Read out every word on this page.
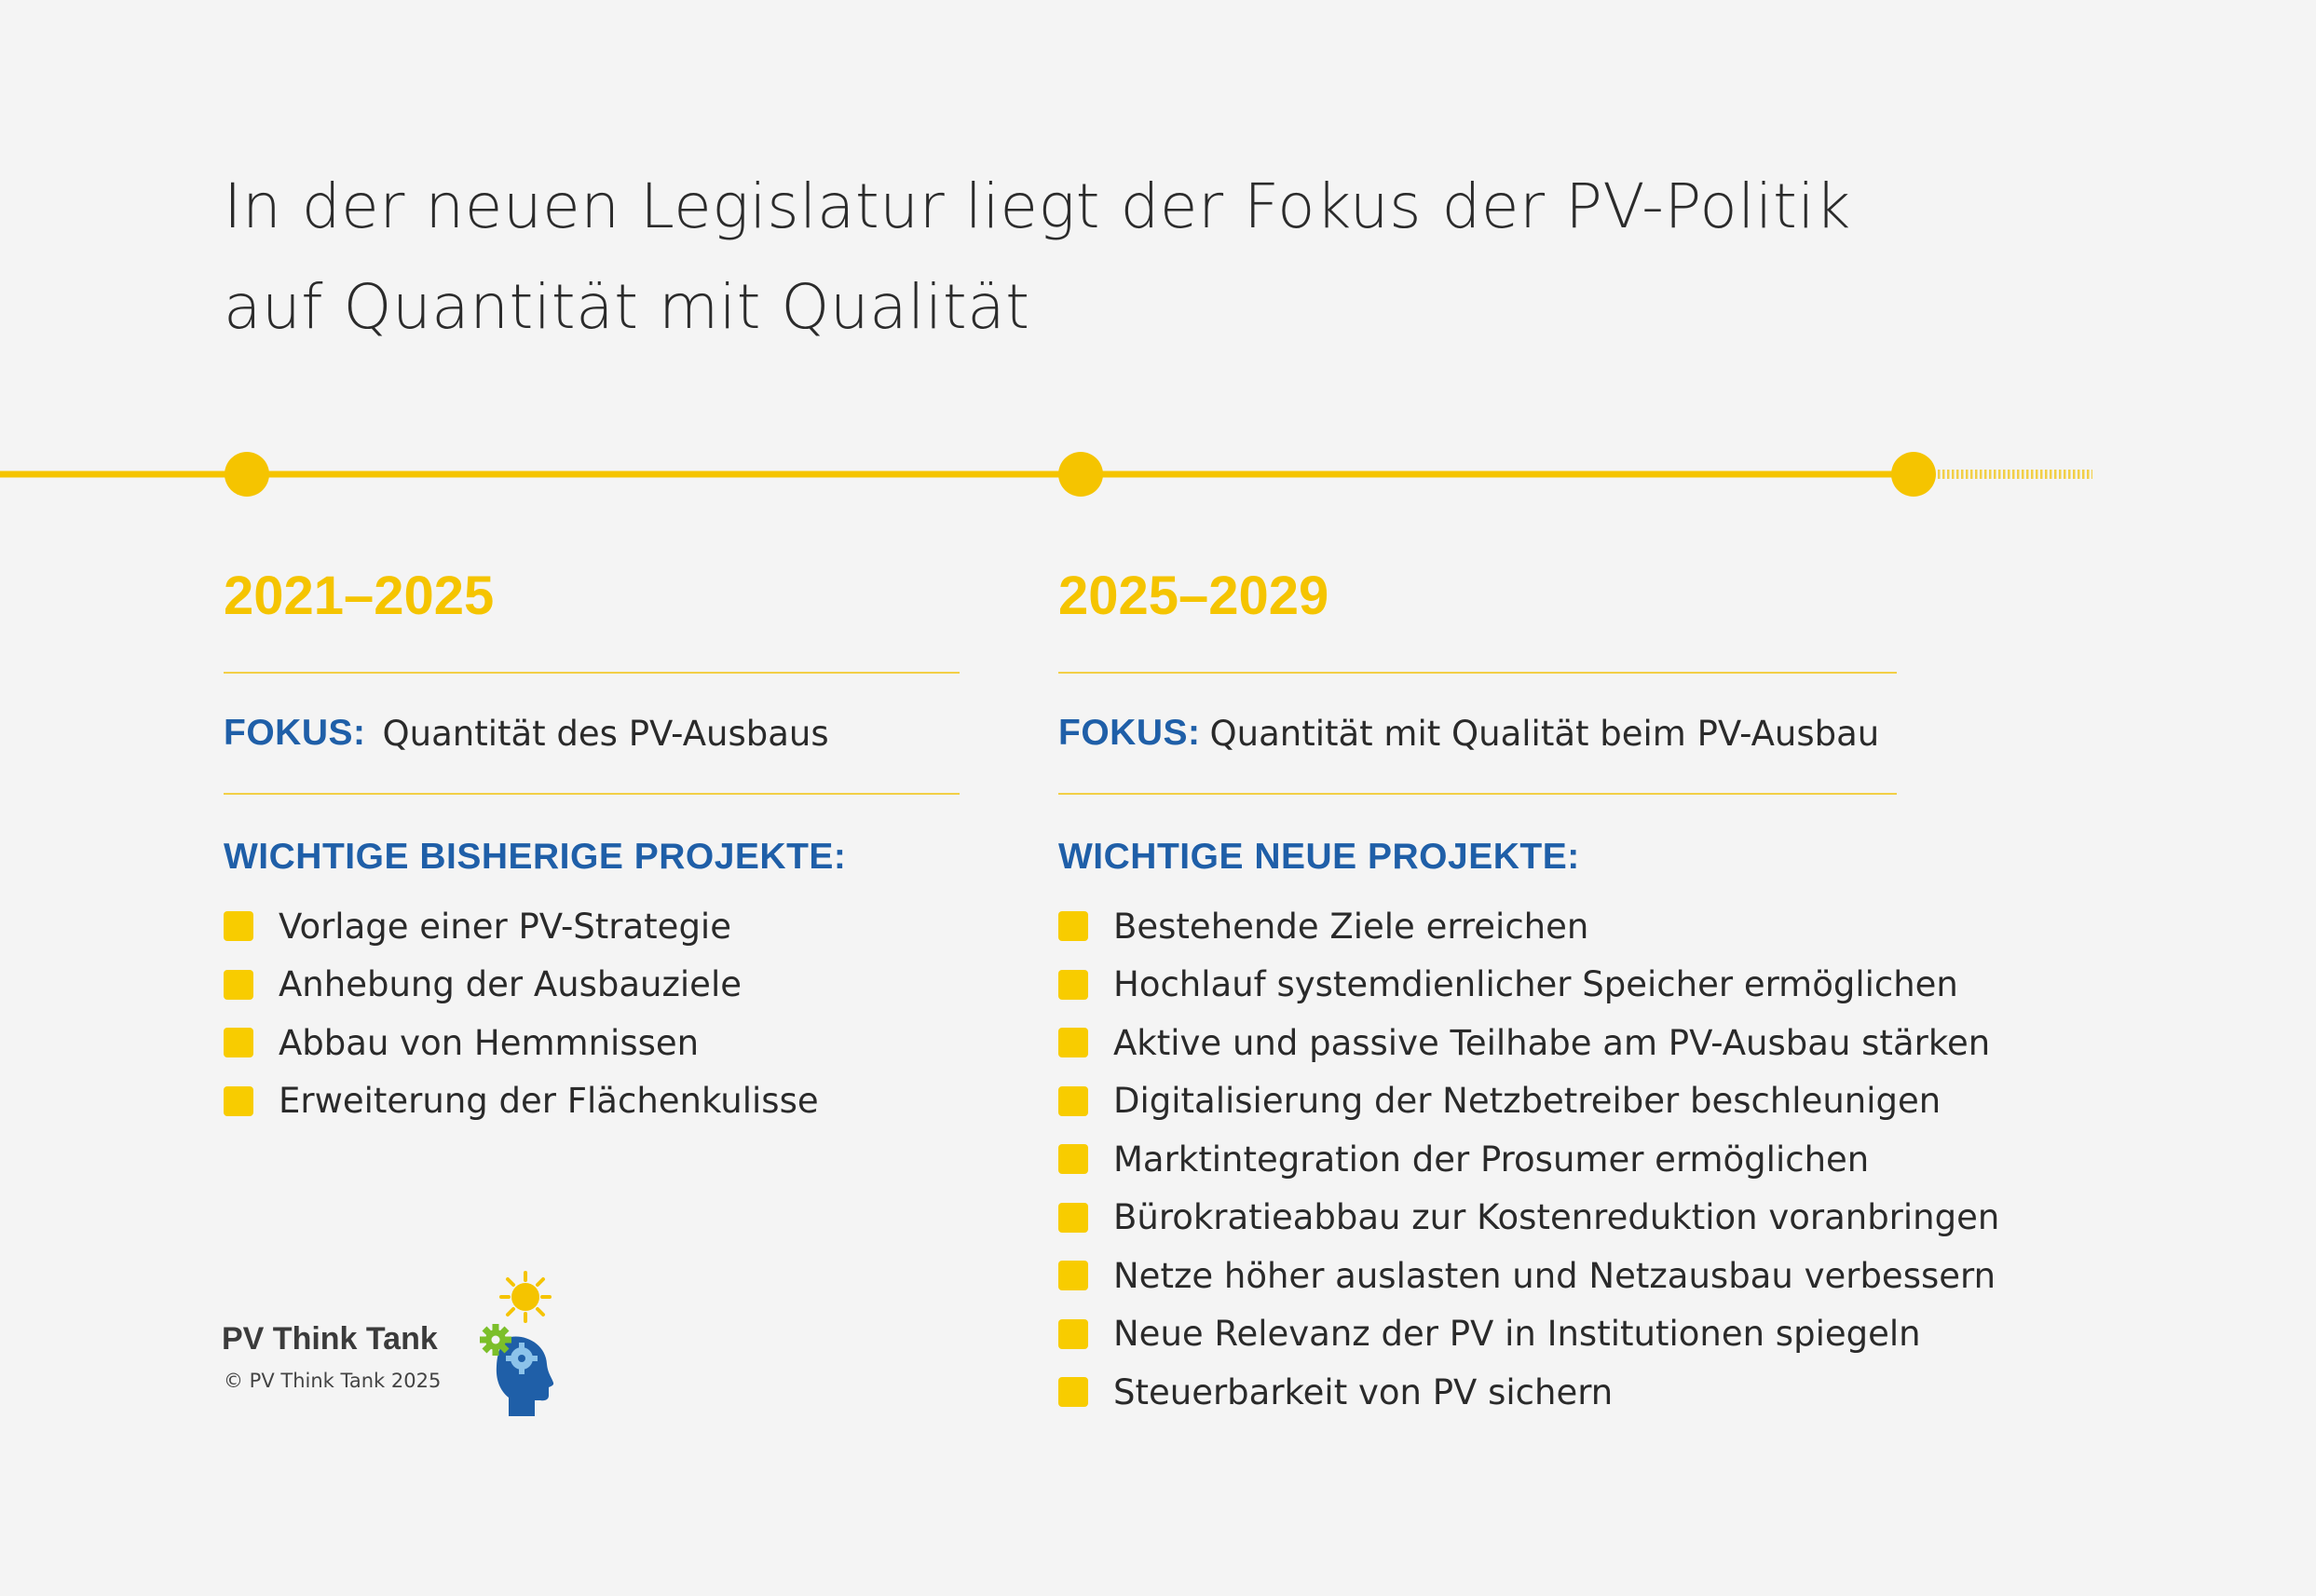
In der neuen Legislatur liegt der Fokus der PV-Politik
auf Quantität mit Qualität
2021–2025
FOKUS: Quantität des PV-Ausbaus
WICHTIGE BISHERIGE PROJEKTE:
Vorlage einer PV-Strategie
Anhebung der Ausbauziele
Abbau von Hemmnissen
Erweiterung der Flächenkulisse
2025–2029
FOKUS: Quantität mit Qualität beim PV-Ausbau
WICHTIGE NEUE PROJEKTE:
Bestehende Ziele erreichen
Hochlauf systemdienlicher Speicher ermöglichen
Aktive und passive Teilhabe am PV-Ausbau stärken
Digitalisierung der Netzbetreiber beschleunigen
Marktintegration der Prosumer ermöglichen
Bürokratieabbau zur Kostenreduktion voranbringen
Netze höher auslasten und Netzausbau verbessern
Neue Relevanz der PV in Institutionen spiegeln
Steuerbarkeit von PV sichern
PV Think Tank
© PV Think Tank 2025
